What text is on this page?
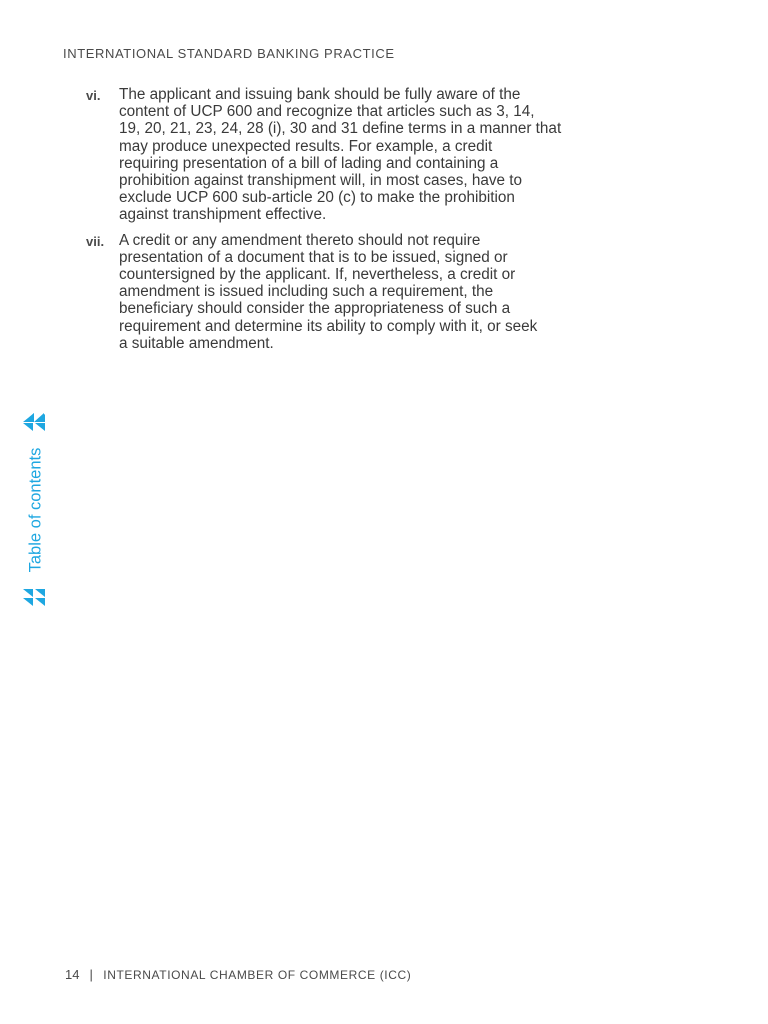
INTERNATIONAL STANDARD BANKING PRACTICE
vi.	The applicant and issuing bank should be fully aware of the
content of UCP 600 and recognize that articles such as 3, 14,
19, 20, 21, 23, 24, 28 (i), 30 and 31 define terms in a manner that
may produce unexpected results. For example, a credit
requiring presentation of a bill of lading and containing a
prohibition against transhipment will, in most cases, have to
exclude UCP 600 sub-article 20 (c) to make the prohibition
against transhipment effective.
vii. A credit or any amendment thereto should not require
presentation of a document that is to be issued, signed or
countersigned by the applicant. If, nevertheless, a credit or
amendment is issued including such a requirement, the
beneficiary should consider the appropriateness of such a
requirement and determine its ability to comply with it, or seek
a suitable amendment.
Table of contents
14 | INTERNATIONAL CHAMBER OF COMMERCE (ICC)
